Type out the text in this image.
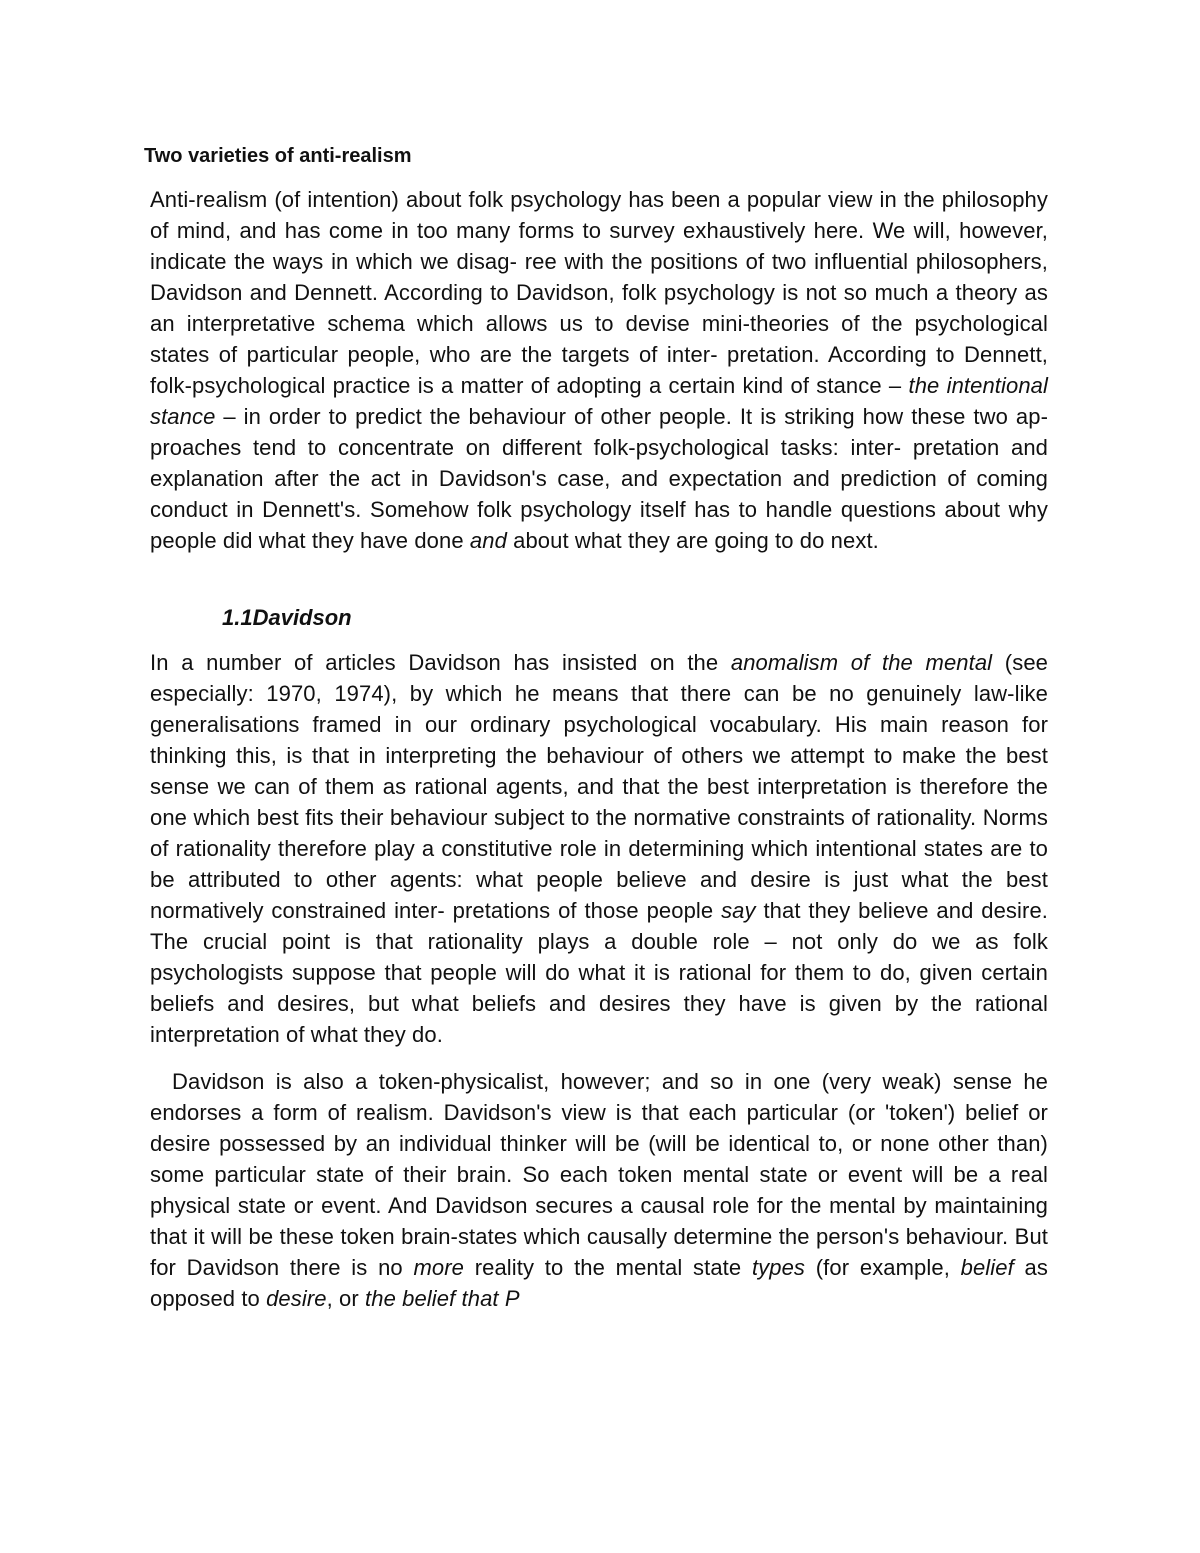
Two varieties of anti-realism

Anti-realism (of intention) about folk psychology has been a popular view in the philosophy of mind, and has come in too many forms to survey exhaustively here. We will, however, indicate the ways in which we disag- ree with the positions of two influential philosophers, Davidson and Dennett. According to Davidson, folk psychology is not so much a theory as an interpretative schema which allows us to devise mini-theories of the psychological states of particular people, who are the targets of inter- pretation. According to Dennett, folk-psychological practice is a matter of adopting a certain kind of stance – the intentional stance – in order to predict the behaviour of other people. It is striking how these two ap- proaches tend to concentrate on different folk-psychological tasks: inter- pretation and explanation after the act in Davidson's case, and expectation and prediction of coming conduct in Dennett's. Somehow folk psychology itself has to handle questions about why people did what they have done and about what they are going to do next.

1.1Davidson

In a number of articles Davidson has insisted on the anomalism of the mental (see especially: 1970, 1974), by which he means that there can be no genuinely law-like generalisations framed in our ordinary psychological vocabulary. His main reason for thinking this, is that in interpreting the behaviour of others we attempt to make the best sense we can of them as rational agents, and that the best interpretation is therefore the one which best fits their behaviour subject to the normative constraints of rationality. Norms of rationality therefore play a constitutive role in determining which intentional states are to be attributed to other agents: what people believe and desire is just what the best normatively constrained inter- pretations of those people say that they believe and desire. The crucial point is that rationality plays a double role – not only do we as folk psychologists suppose that people will do what it is rational for them to do, given certain beliefs and desires, but what beliefs and desires they have is given by the rational interpretation of what they do.

Davidson is also a token-physicalist, however; and so in one (very weak) sense he endorses a form of realism. Davidson's view is that each particular (or 'token') belief or desire possessed by an individual thinker will be (will be identical to, or none other than) some particular state of their brain. So each token mental state or event will be a real physical state or event. And Davidson secures a causal role for the mental by maintaining that it will be these token brain-states which causally determine the person's behaviour. But for Davidson there is no more reality to the mental state types (for example, belief as opposed to desire, or the belief that P
